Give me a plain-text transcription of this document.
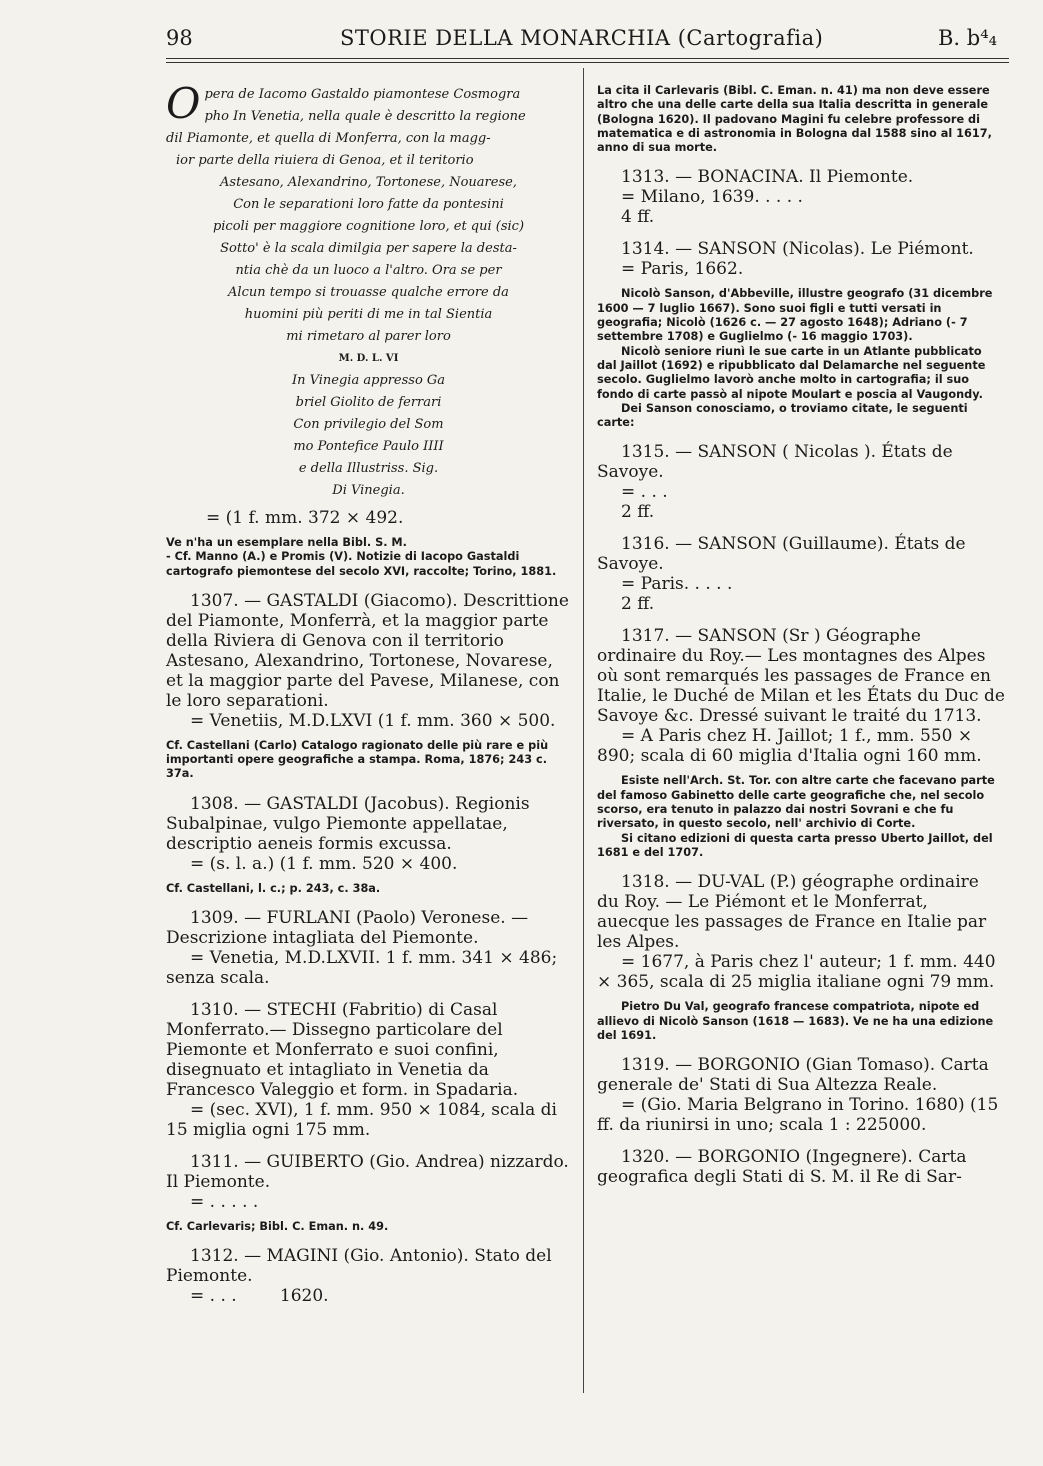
98	STORIE DELLA MONARCHIA (Cartografia)	B. b⁴₄
O pera de Iacomo Gastaldo piamontese Cosmogra
pho In Venetia, nella quale è descritto la regione
dil Piamonte, et quella di Monferra, con la magg-
ior parte della riuiera di Genoa, et il teritorio
Astesano, Alexandrino, Tortonese, Nouarese,
Con le separationi loro fatte da pontesini
picoli per maggiore cognitione loro, et qui (sic)
Sotto' è la scala dimilgia per sapere la desta-
ntia chè da un luoco a l'altro. Ora se per
Alcun tempo si trouasse qualche errore da
huomini più periti di me in tal Sientia
mi rimetaro al parer loro
M. D. L. VI
In Vinegia appresso Ga
briel Giolito de ferrari
Con privilegio del Som
mo Pontefice Paulo IIII
e della Illustriss. Sig.
Di Vinegia.
= (1 f. mm. 372 × 492.

Ve n'ha un esemplare nella Bibl. S. M.

- Cf. Manno (A.) e Promis (V). Notizie di Iacopo Gastaldi cartografo piemontese del secolo XVI, raccolte; Torino, 1881.

1307. — GASTALDI (Giacomo). Descrittione del Piamonte, Monferrà, et la maggior parte della Riviera di Genova con il territorio Astesano, Alexandrino, Tortonese, Novarese, et la maggior parte del Pavese, Milanese, con le loro separationi.

= Venetiis, M.D.LXVI (1 f. mm. 360 × 500.

Cf. Castellani (Carlo) Catalogo ragionato delle più rare e più importanti opere geografiche a stampa. Roma, 1876; 243 c. 37a.

1308. — GASTALDI (Jacobus). Regionis Subalpinae, vulgo Piemonte appellatae, descriptio aeneis formis excussa.

= (s. l. a.) (1 f. mm. 520 × 400.

Cf. Castellani, l. c.; p. 243, c. 38a.

1309. — FURLANI (Paolo) Veronese. — Descrizione intagliata del Piemonte.

= Venetia, M.D.LXVII. 1 f. mm. 341 × 486; senza scala.

1310. — STECHI (Fabritio) di Casal Monferrato.— Dissegno particolare del Piemonte et Monferrato e suoi confini, disegnuato et intagliato in Venetia da Francesco Valeggio et form. in Spadaria.

= (sec. XVI), 1 f. mm. 950 × 1084, scala di 15 miglia ogni 175 mm.

1311. — GUIBERTO (Gio. Andrea) nizzardo. Il Piemonte.

= . . . . .

Cf. Carlevaris; Bibl. C. Eman. n. 49.

1312. — MAGINI (Gio. Antonio). Stato del Piemonte.

= . . .        1620.

La cita il Carlevaris (Bibl. C. Eman. n. 41) ma non deve essere altro che una delle carte della sua Italia descritta in generale (Bologna 1620). Il padovano Magini fu celebre professore di matematica e di astronomia in Bologna dal 1588 sino al 1617, anno di sua morte.

1313. — BONACINA. Il Piemonte.

= Milano, 1639. . . . .

4 ff.

1314. — SANSON (Nicolas). Le Piémont.

= Paris, 1662.

Nicolò Sanson, d'Abbeville, illustre geografo (31 dicembre 1600 — 7 luglio 1667). Sono suoi figli e tutti versati in geografia; Nicolò (1626 c. — 27 agosto 1648); Adriano (- 7 settembre 1708) e Guglielmo (- 16 maggio 1703).

Nicolò seniore riunì le sue carte in un Atlante pubblicato dal Jaillot (1692) e ripubblicato dal Delamarche nel seguente secolo. Guglielmo lavorò anche molto in cartografia; il suo fondo di carte passò al nipote Moulart e poscia al Vaugondy.

Dei Sanson conosciamo, o troviamo citate, le seguenti carte:

1315. — SANSON ( Nicolas ). États de Savoye.

= . . .

2 ff.

1316. — SANSON (Guillaume). États de Savoye.

= Paris. . . . .

2 ff.

1317. — SANSON (Sr ) Géographe ordinaire du Roy.— Les montagnes des Alpes où sont remarqués les passages de France en Italie, le Duché de Milan et les États du Duc de Savoye &c. Dressé suivant le traité du 1713.

= A Paris chez H. Jaillot; 1 f., mm. 550 × 890; scala di 60 miglia d'Italia ogni 160 mm.

Esiste nell'Arch. St. Tor. con altre carte che facevano parte del famoso Gabinetto delle carte geografiche che, nel secolo scorso, era tenuto in palazzo dai nostri Sovrani e che fu riversato, in questo secolo, nell' archivio di Corte.

Si citano edizioni di questa carta presso Uberto Jaillot, del 1681 e del 1707.

1318. — DU-VAL (P.) géographe ordinaire du Roy. — Le Piémont et le Monferrat, auecque les passages de France en Italie par les Alpes.

= 1677, à Paris chez l' auteur; 1 f. mm. 440 × 365, scala di 25 miglia italiane ogni 79 mm.

Pietro Du Val, geografo francese compatriota, nipote ed allievo di Nicolò Sanson (1618 — 1683). Ve ne ha una edizione del 1691.

1319. — BORGONIO (Gian Tomaso). Carta generale de' Stati di Sua Altezza Reale.

= (Gio. Maria Belgrano in Torino. 1680) (15 ff. da riunirsi in uno; scala 1 : 225000.

1320. — BORGONIO (Ingegnere). Carta geografica degli Stati di S. M. il Re di Sar-
